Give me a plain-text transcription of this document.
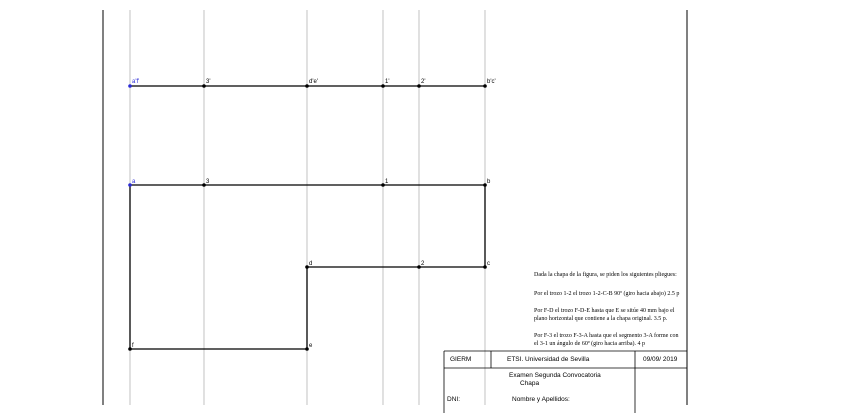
a'f'	3'	d'e'	1'	2'	b'c'
a	3	1	b
d	2	c
f	e
Dada la chapa de la figura, se piden los siguientes pliegues:
Por el trozo 1-2 el trozo 1-2-C-B 90º (giro hacia abajo) 2.5 p
Por F-D el trozo F-D-E hasta que E se sitúe 40 mm bajo el plano horizontal que contiene a la chapa original. 3.5 p.
Por F-3 el trozo F-3-A hasta que el segmento 3-A forme con el 3-1 un ángulo de 60º (giro hacia arriba). 4 p
GIERM	ETSI. Universidad de Sevilla	09/09/ 2019
Examen Segunda Convocatoria
Chapa
DNI:	Nombre y Apellidos:
